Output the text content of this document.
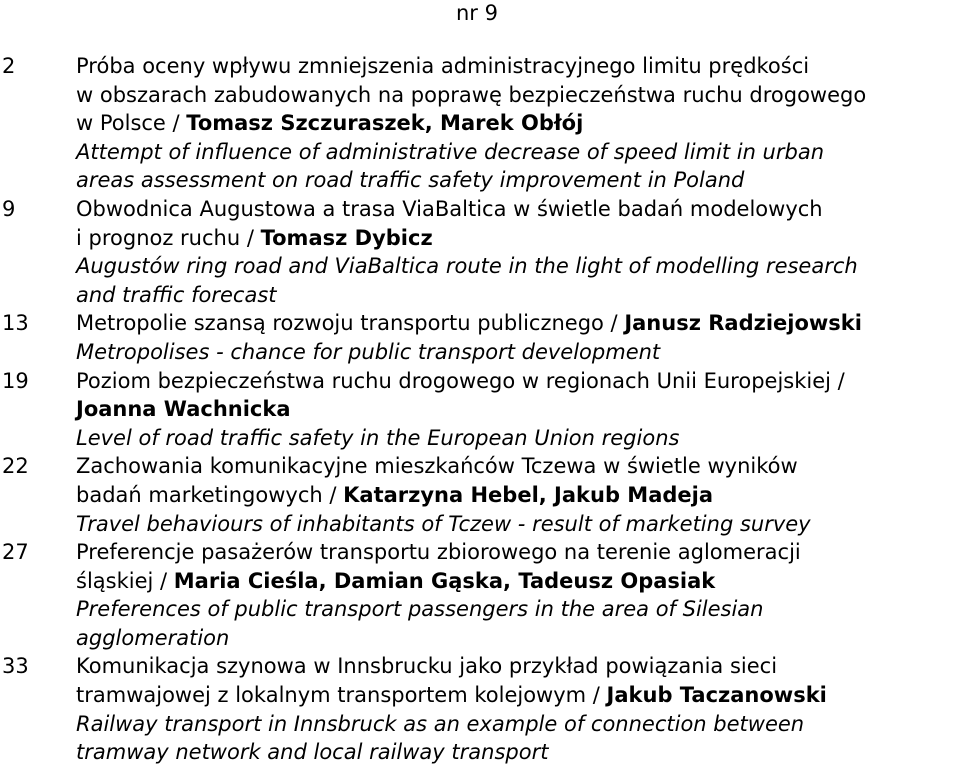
nr 9
2	Próba oceny wpływu zmniejszenia administracyjnego limitu prędkości
w obszarach zabudowanych na poprawę bezpieczeństwa ruchu drogowego
w Polsce / Tomasz Szczuraszek, Marek Obłój
Attempt of influence of administrative decrease of speed limit in urban
areas assessment on road traffic safety improvement in Poland
9	Obwodnica Augustowa a trasa ViaBaltica w świetle badań modelowych
i prognoz ruchu / Tomasz Dybicz
Augustów ring road and ViaBaltica route in the light of modelling research
and traffic forecast
13 Metropolie szansą rozwoju transportu publicznego / Janusz Radziejowski
Metropolises - chance for public transport development
19 Poziom bezpieczeństwa ruchu drogowego w regionach Unii Europejskiej /
Joanna Wachnicka
Level of road traffic safety in the European Union regions
22 Zachowania komunikacyjne mieszkańców Tczewa w świetle wyników
badań marketingowych / Katarzyna Hebel, Jakub Madeja
Travel behaviours of inhabitants of Tczew - result of marketing survey
27 Preferencje pasażerów transportu zbiorowego na terenie aglomeracji
śląskiej / Maria Cieśla, Damian Gąska, Tadeusz Opasiak
Preferences of public transport passengers in the area of Silesian
agglomeration
33 Komunikacja szynowa w Innsbrucku jako przykład powiązania sieci
tramwajowej z lokalnym transportem kolejowym / Jakub Taczanowski
Railway transport in Innsbruck as an example of connection between
tramway network and local railway transport
